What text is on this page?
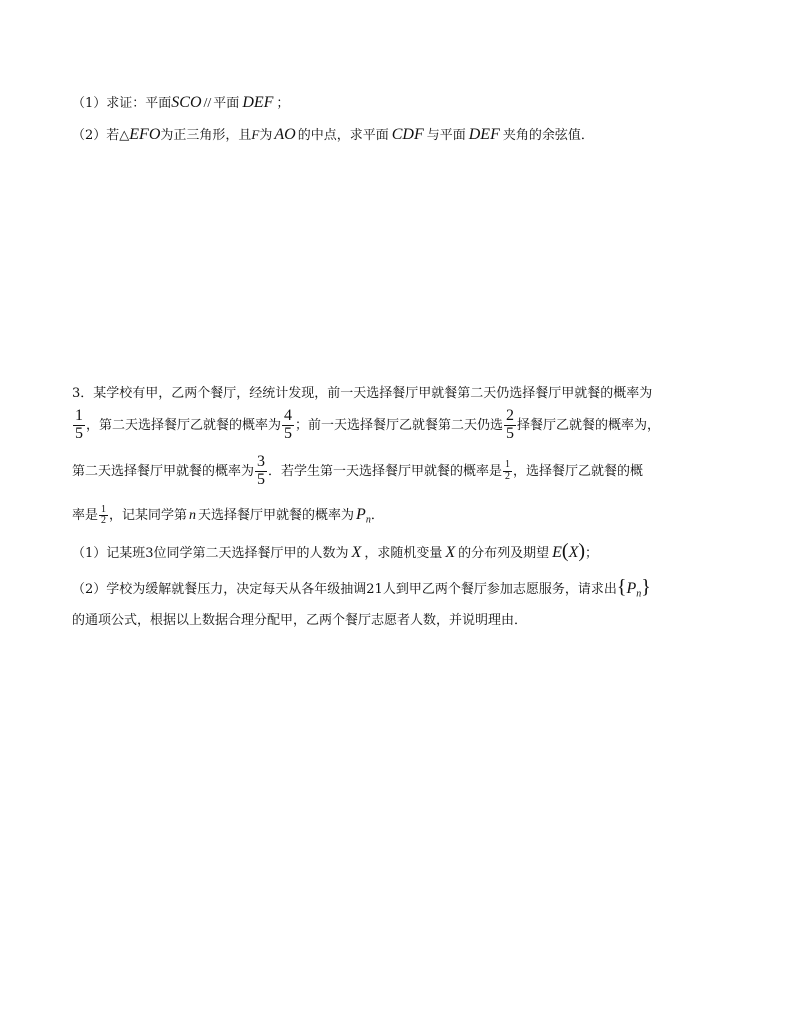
（1）求证：平面SCO // 平面 DEF ；
（2）若△EFO为正三角形，且F为 AO 的中点，求平面 CDF 与平面 DEF 夹角的余弦值．
3．某学校有甲，乙两个餐厅，经统计发现，前一天选择餐厅甲就餐第二天仍选择餐厅甲就餐的概率为
$\frac{1}{5}$ ，第二天选择餐厅乙就餐的概率为 $\frac{4}{5}$ ；前一天选择餐厅乙就餐第二天仍选 $\frac{2}{5}$ 择餐厅乙就餐的概率为，
第二天选择餐厅甲就餐的概率为 $\frac{3}{5}$ ．若学生第一天选择餐厅甲就餐的概率是 $\frac{1}{2}$ ，选择餐厅乙就餐的概
率是 $\frac{1}{2}$ ，记某同学第 n 天选择餐厅甲就餐的概率为 $P_n$．
（1）记某班3位同学第二天选择餐厅甲的人数为 X ，求随机变量 X 的分布列及期望 E(X)；
（2）学校为缓解就餐压力，决定每天从各年级抽调21人到甲乙两个餐厅参加志愿服务，请求出$\{P_n\}$
的通项公式，根据以上数据合理分配甲，乙两个餐厅志愿者人数，并说明理由．
